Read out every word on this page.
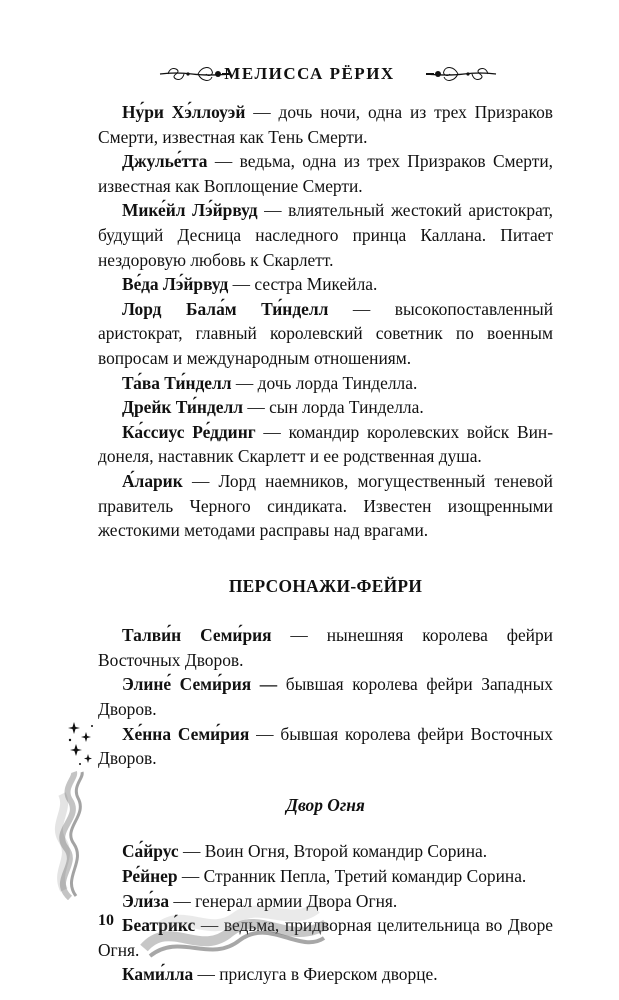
МЕЛИССА РЁРИХ

Ну́ри Хэ́ллоуэй — дочь ночи, одна из трех Призраков Смерти, известная как Тень Смерти.

Джулье́тта — ведьма, одна из трех Призраков Смерти, известная как Воплощение Смерти.

Мике́йл Лэ́йрвуд — влиятельный жестокий аристократ, будущий Десница наследного принца Каллана. Питает нездоровую любовь к Скарлетт.

Ве́да Лэ́йрвуд — сестра Микейла.

Лорд Бала́м Ти́нделл — высокопоставленный аристократ, главный королевский советник по военным вопросам и международным отношениям.

Та́ва Ти́нделл — дочь лорда Тинделла.

Дрейк Ти́нделл — сын лорда Тинделла.

Ка́ссиус Ре́ддинг — командир королевских войск Виндонеля, наставник Скарлетт и ее родственная душа.

А́ларик — Лорд наемников, могущественный теневой правитель Черного синдиката. Известен изощренными жестокими методами расправы над врагами.

ПЕРСОНАЖИ-ФЕЙРИ

Талви́н Семи́рия — нынешняя королева фейри Восточных Дворов.

Элине́ Семи́рия — бывшая королева фейри Западных Дворов.

Хе́нна Семи́рия — бывшая королева фейри Восточных Дворов.

Двор Огня

Са́йрус — Воин Огня, Второй командир Сорина.

Ре́йнер — Странник Пепла, Третий командир Сорина.

Эли́за — генерал армии Двора Огня.

Беатри́кс — ведьма, придворная целительница во Дворе Огня.

Ками́лла — прислуга в Фиерском дворце.

10
